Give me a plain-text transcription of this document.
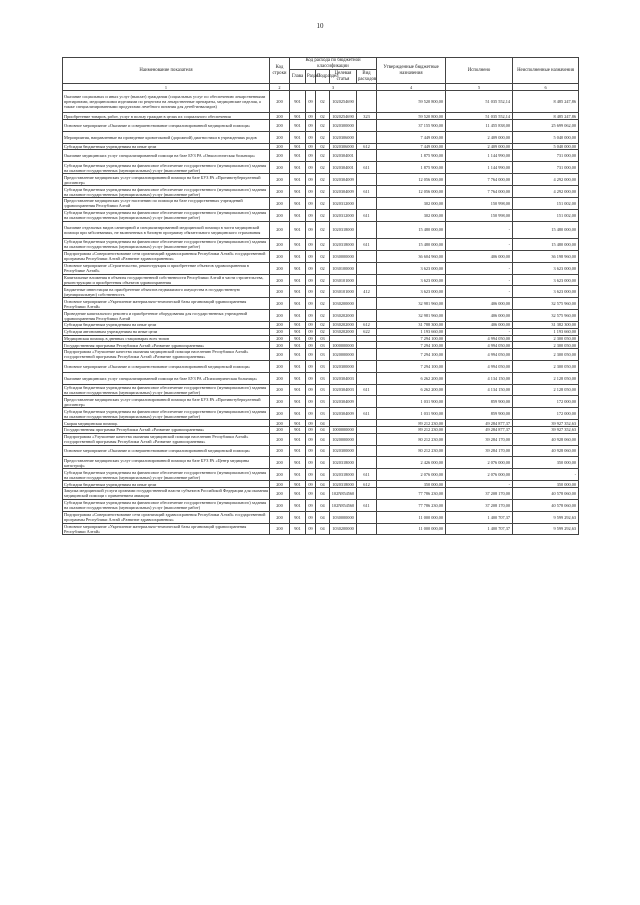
10
Наименование показателя	Код строки	Код расхода по бюджетной классификации					Утвержденные бюджетные назначения	Исполнено	Неисполненные назначения
		Глава	Раздел	Подраздел	Целевая статья	Вид расходов			
1	2	3					4	5	6
Оказание социальных и иных услуг (выплат) гражданам (социальных услуг по обеспечению лекарственными препаратами, медицинскими изделиями по рецептам на лекарственные препараты, медицинские изделия, а также специализированными продуктами лечебного питания для детей-инвалидов)	200	901	09	02	1020254690		59 520 800,00	51 035 552,14	8 485 247,86
Приобретение товаров, работ, услуг в пользу граждан в целях их социального обеспечения	200	901	09	02	1020254690	323	59 520 800,00	51 035 552,14	8 485 247,86
Основное мероприятие «Оказание и совершенствование специализированной медицинской помощи»	200	901	09	02	1020300000		37 155 900,00	11 455 838,00	25 699 062,00
Мероприятия, направленные на проведение кровотоковой (дорожной) диагностики в учреждениях родов	200	901	09	02	1020306000		7 449 000,00	2 409 000,00	5 040 000,00
Субсидии бюджетным учреждениям на иные цели	200	901	09	02	1020306000	612	7 449 000,00	2 409 000,00	5 040 000,00
Оказание медицинских услуг специализированной помощи на базе БУЗ РА «Онкологическая больница»	200	901	09	02	1020304001		1 875 900,00	1 144 990,00	731 000,00
Субсидии бюджетным учреждениям на финансовое обеспечение государственного (муниципального) задания на оказание государственных (муниципальных) услуг (выполнение работ)	200	901	09	02	1020304001	611	1 875 900,00	1 144 990,00	731 000,00
Предоставление медицинских услуг специализированной помощи на базе БУЗ РА «Противотуберкулезный диспансер»	200	901	09	02	1020304009		12 056 000,00	7 764 000,00	4 292 000,00
Субсидии бюджетным учреждениям на финансовое обеспечение государственного (муниципального) задания на оказание государственных (муниципальных) услуг (выполнение работ)	200	901	09	02	1020304009	611	12 056 000,00	7 764 000,00	4 292 000,00
Предоставление медицинских услуг населению по помощи на базе государственных учреждений здравоохранения Республики Алтай	200	901	09	02	1020312000		302 000,00	150 998,00	151 002,00
Субсидии бюджетным учреждениям на финансовое обеспечение государственного (муниципального) задания на оказание государственных (муниципальных) услуг (выполнение работ)	200	901	09	02	1020312000	611	302 000,00	150 998,00	151 002,00
Оказание отдельных видов санитарной и специализированной медицинской помощи в части медицинской помощи при заболеваниях, не включенных в базовую программу обязательного медицинского страхования	200	901	09	02	1020318000		15 480 000,00	-	15 480 000,00
Субсидии бюджетным учреждениям на финансовое обеспечение государственного (муниципального) задания на оказание государственных (муниципальных) услуг (выполнение работ)	200	901	09	02	1020318000	611	15 480 000,00	-	15 480 000,00
Подпрограмма «Совершенствование сети организаций здравоохранения Республики Алтай» государственной программы Республики Алтай «Развитие здравоохранения»	200	901	09	02	1030000000		36 604 960,00	406 000,00	36 198 960,00
Основное мероприятие «Строительство, реконструкция и приобретение объектов здравоохранения в Республике Алтай»	200	901	09	02	1030100000		3 623 000,00	-	3 623 000,00
Капитальные вложения в объекты государственной собственности Республики Алтай в части строительства, реконструкции и приобретения объектов здравоохранения	200	901	09	02	1030101000		3 623 000,00	-	3 623 000,00
Бюджетные инвестиции на приобретение объектов недвижимого имущества в государственную (муниципальную) собственность	200	901	09	02	1030101000	412	3 623 000,00	-	3 623 000,00
Основное мероприятие «Укрепление материально-технической базы организаций здравоохранения Республики Алтай»	200	901	09	02	1030200000		32 981 960,00	406 000,00	32 575 960,00
Проведение капитального ремонта и приобретение оборудования для государственных учреждений здравоохранения Республики Алтай	200	901	09	02	1030202000		32 981 960,00	406 000,00	32 575 960,00
Субсидии бюджетным учреждениям на иные цели	200	901	09	02	1030202000	612	31 788 300,00	406 000,00	31 382 300,00
Субсидии автономным учреждениям на иные цели	200	901	09	02	1030202000	622	1 193 660,00	-	1 193 660,00
Медицинская помощь в дневных стационарах всех типов	200	901	09	03			7 294 100,00	4 994 050,00	2 300 050,00
Государственная программа Республики Алтай «Развитие здравоохранения»	200	901	09	03	1000000000		7 294 100,00	4 994 050,00	2 300 050,00
Подпрограмма «Улучшение качества оказания медицинской помощи населению Республики Алтай» государственной программы Республики Алтай «Развитие здравоохранения»	200	901	09	03	1020000000		7 294 100,00	4 994 050,00	2 300 050,00
Основное мероприятие «Оказание и совершенствование специализированной медицинской помощи»	200	901	09	03	1020300000		7 294 100,00	4 994 050,00	2 300 050,00
Оказание медицинских услуг специализированной помощи на базе БУЗ РА «Психиатрическая больница»	200	901	09	03	1020304003		6 262 200,00	4 134 150,00	2 128 050,00
Субсидии бюджетным учреждениям на финансовое обеспечение государственного (муниципального) задания на оказание государственных (муниципальных) услуг (выполнение работ)	200	901	09	03	1020304003	611	6 262 200,00	4 134 150,00	2 128 050,00
Предоставление медицинских услуг специализированной помощи на базе БУЗ РА «Противотуберкулезный диспансер»	200	901	09	03	1020304009		1 031 900,00	859 900,00	172 000,00
Субсидии бюджетным учреждениям на финансовое обеспечение государственного (муниципального) задания на оказание государственных (муниципальных) услуг (выполнение работ)	200	901	09	03	1020304009	611	1 031 900,00	859 900,00	172 000,00
Скорая медицинская помощь	200	901	09	04			89 212 230,00	49 284 877,37	39 927 352,63
Государственная программа Республики Алтай «Развитие здравоохранения»	200	901	09	04	1000000000		89 212 230,00	49 284 877,37	39 927 352,63
Подпрограмма «Улучшение качества оказания медицинской помощи населению Республики Алтай» государственной программы Республики Алтай «Развитие здравоохранения»	200	901	09	04	1020000000		80 212 230,00	39 284 170,00	40 928 060,00
Основное мероприятие «Оказание и совершенствование специализированной медицинской помощи»	200	901	09	04	1020300000		80 212 230,00	39 284 170,00	40 928 060,00
Предоставление медицинских услуг специализированной помощи на базе БУЗ РА «Центр медицины катастроф»	200	901	09	04	1020318000		2 426 000,00	2 076 000,00	350 000,00
Субсидии бюджетным учреждениям на финансовое обеспечение государственного (муниципального) задания на оказание государственных (муниципальных) услуг (выполнение работ)	200	901	09	04	1020318000	611	2 076 000,00	2 076 000,00	-
Субсидии бюджетным учреждениям на иные цели	200	901	09	04	1020318000	612	350 000,00	-	350 000,00
Закупка медицинской услуги органами государственной власти субъектов Российской Федерации для оказания медицинской помощи с применением авиации	200	901	09	04	102N854560		77 786 230,00	37 208 170,00	40 578 060,00
Субсидии бюджетным учреждениям на финансовое обеспечение государственного (муниципального) задания на оказание государственных (муниципальных) услуг (выполнение работ)	200	901	09	04	102N854560	611	77 786 230,00	37 208 170,00	40 578 060,00
Подпрограмма «Совершенствование сети организаций здравоохранения Республики Алтай» государственной программы Республики Алтай «Развитие здравоохранения»	200	901	09	04	1030000000		11 000 000,00	1 400 707,37	9 599 292,63
Основное мероприятие «Укрепление материально-технической базы организаций здравоохранения Республики Алтай»	200	901	09	04	1030200000		11 000 000,00	1 400 707,37	9 599 292,63
